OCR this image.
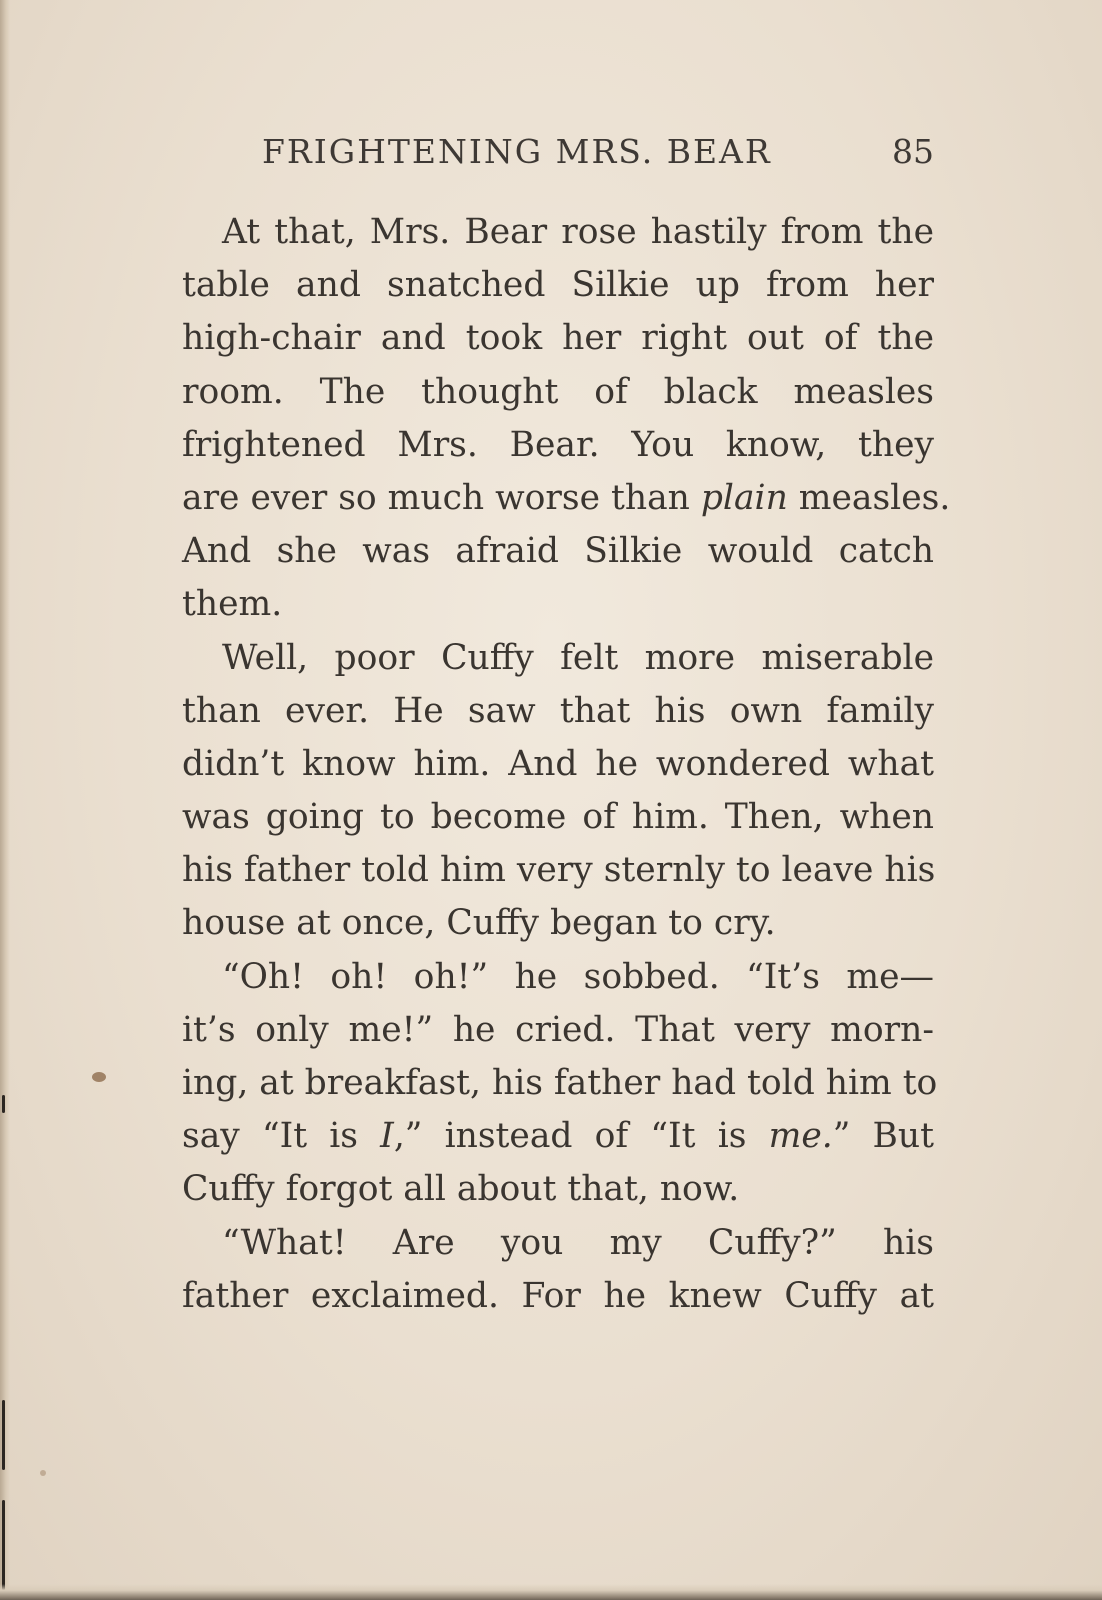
FRIGHTENING MRS. BEAR	85
At that, Mrs. Bear rose hastily from the
table and snatched Silkie up from her
high-chair and took her right out of the
room. The thought of black measles
frightened Mrs. Bear. You know, they
are ever so much worse than plain measles.
And she was afraid Silkie would catch
them.
Well, poor Cuffy felt more miserable
than ever. He saw that his own family
didn’t know him. And he wondered what
was going to become of him. Then, when
his father told him very sternly to leave his
house at once, Cuffy began to cry.
“Oh! oh! oh!” he sobbed. “It’s me—
it’s only me!” he cried. That very morn-
ing, at breakfast, his father had told him to
say “It is I,” instead of “It is me.” But
Cuffy forgot all about that, now.
“What! Are you my Cuffy?” his
father exclaimed. For he knew Cuffy at
